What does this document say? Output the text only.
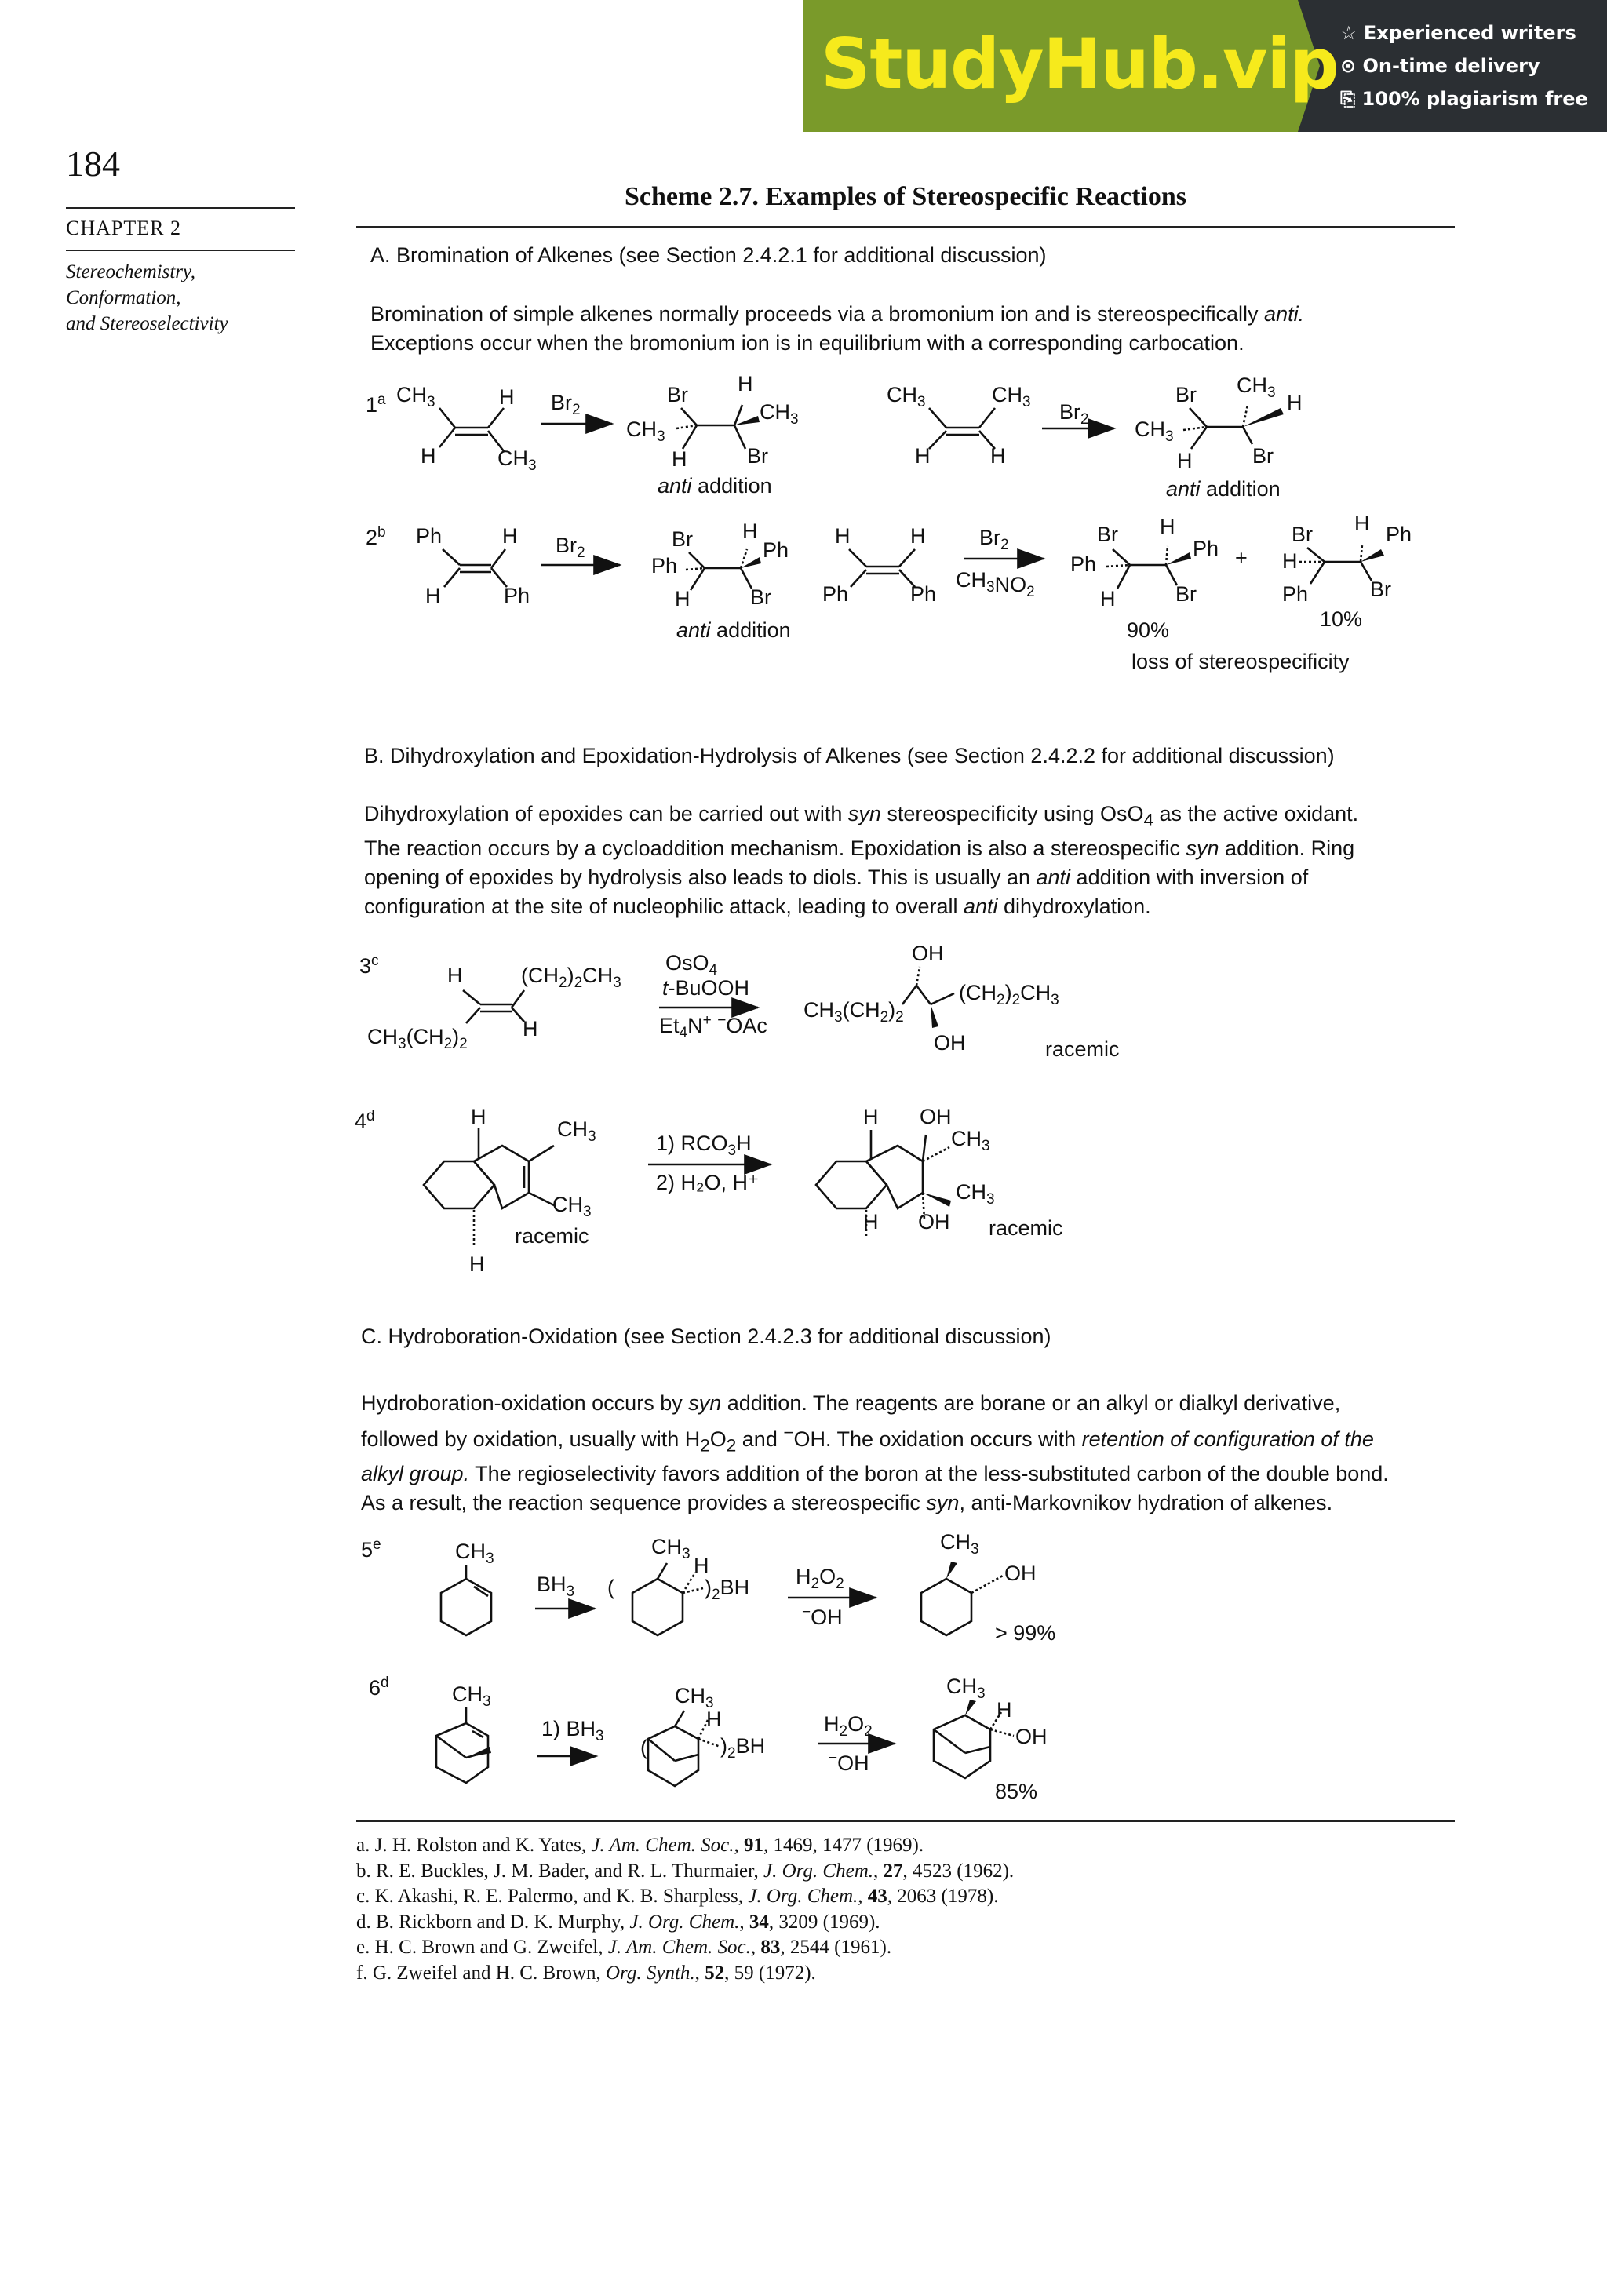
StudyHub.vip ☆ Experienced writers
⊙ On-time delivery
⎘ 100% plagiarism free
184
CHAPTER 2
Stereochemistry,
Conformation,
and Stereoselectivity
Scheme 2.7. Examples of Stereospecific Reactions
A. Bromination of Alkenes (see Section 2.4.2.1 for additional discussion)
Bromination of simple alkenes normally proceeds via a bromonium ion and is stereospecifically anti.
Exceptions occur when the bromonium ion is in equilibrium with a corresponding carbocation.
B. Dihydroxylation and Epoxidation-Hydrolysis of Alkenes (see Section 2.4.2.2 for additional discussion)
Dihydroxylation of epoxides can be carried out with syn stereospecificity using OsO$_4$ as the active oxidant.
The reaction occurs by a cycloaddition mechanism. Epoxidation is also a stereospecific syn addition. Ring
opening of epoxides by hydrolysis also leads to diols. This is usually an anti addition with inversion of
configuration at the site of nucleophilic attack, leading to overall anti dihydroxylation.
C. Hydroboration-Oxidation (see Section 2.4.2.3 for additional discussion)
Hydroboration-oxidation occurs by syn addition. The reagents are borane or an alkyl or dialkyl derivative,
followed by oxidation, usually with $H_2O_2$ and −OH. The oxidation occurs with retention of configuration of the
alkyl group. The regioselectivity favors addition of the boron at the less-substituted carbon of the double bond.
As a result, the reaction sequence provides a stereospecific syn, anti-Markovnikov hydration of alkenes.
1$^a$ $CH_3$	H
H	$CH_3$
$Br_2$
Br H
$CH_3$
$CH_3$
H	Br
anti addition
$CH_3$	$CH_3$
H	H
$Br_2$
Br $CH_3$ H
$CH_3$
H	Br
anti addition
2$^b$ Ph	H
H	Ph
$Br_2$
Br H
Ph
Ph
H	Br
anti addition
H	H
Ph	Ph
$Br_2$
$CH_3NO_2$
Br H
Ph
Ph
H	Br
+
Br H Ph
H
Ph	Br
90%	10%
loss of stereospecificity
3$^c$
H	$(CH_2)_2CH_3$
H
$CH_3(CH_2)_2$
OsO$_4$
t-BuOOH
$Et_4N^+$ −OAc
OH
$(CH_2)_2CH_3$
$CH_3(CH_2)_2$
OH	racemic
4$^d$	H
H
$CH_3$
$CH_3$
racemic
1) $RCO_3H$
2) H₂O, H⁺
H OH
$CH_3$
$CH_3$
H OH racemic
5e	$CH_3$
$BH_3$ (
$CH_3$ H
)$_2BH$ $H_2O_2$
−OH
$CH_3$
OH
> 99%
6$^d$	$CH_3$
1) $BH_3$ (
$CH_3$
H
)$_2BH$
$H_2O_2$
−OH
$CH_3$
H
OH
85%
a. J. H. Rolston and K. Yates, J. Am. Chem. Soc., 91, 1469, 1477 (1969).
b. R. E. Buckles, J. M. Bader, and R. L. Thurmaier, J. Org. Chem., 27, 4523 (1962).
c. K. Akashi, R. E. Palermo, and K. B. Sharpless, J. Org. Chem., 43, 2063 (1978).
d. B. Rickborn and D. K. Murphy, J. Org. Chem., 34, 3209 (1969).
e. H. C. Brown and G. Zweifel, J. Am. Chem. Soc., 83, 2544 (1961).
f. G. Zweifel and H. C. Brown, Org. Synth., 52, 59 (1972).
